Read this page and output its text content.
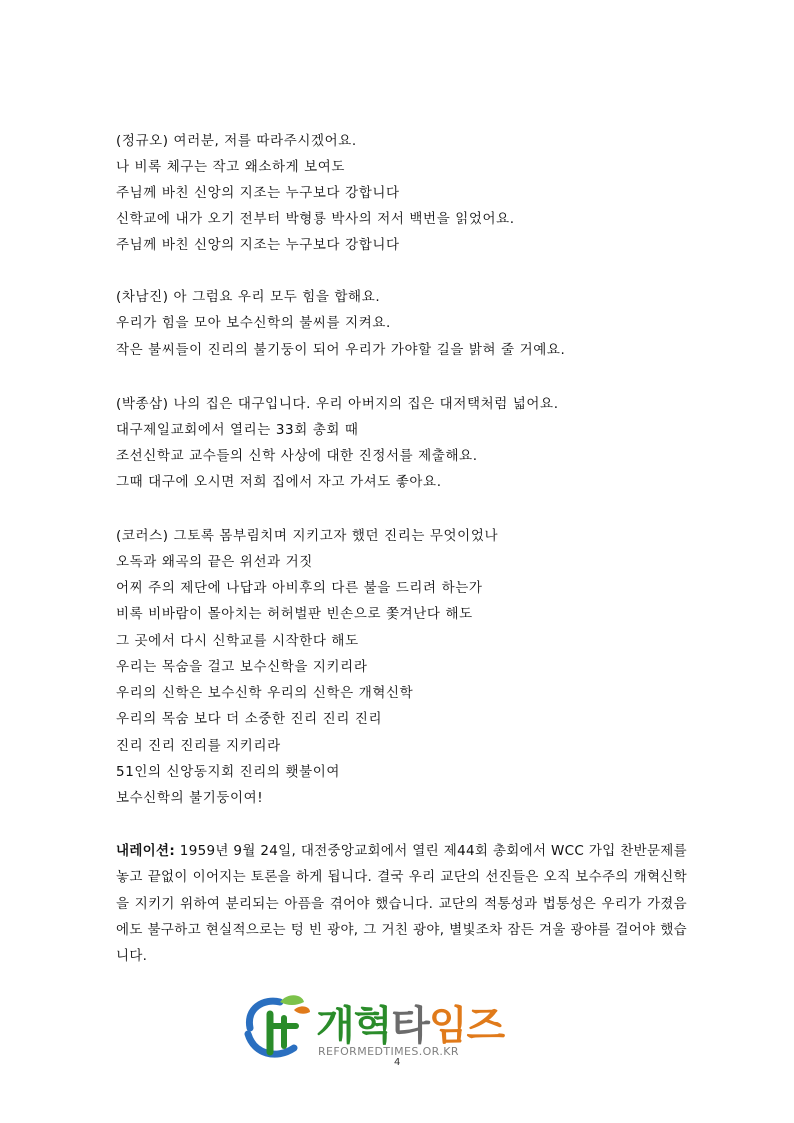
(정규오) 여러분, 저를 따라주시겠어요.
나 비록 체구는 작고 왜소하게 보여도
주님께 바친 신앙의 지조는 누구보다 강합니다
신학교에 내가 오기 전부터 박형룡 박사의 저서 백번을 읽었어요.
주님께 바친 신앙의 지조는 누구보다 강합니다
(차남진) 아 그럼요 우리 모두 힘을 합해요.
우리가 힘을 모아 보수신학의 불씨를 지켜요.
작은 불씨들이 진리의 불기둥이 되어 우리가 가야할 길을 밝혀 줄 거예요.
(박종삼) 나의 집은 대구입니다. 우리 아버지의 집은 대저택처럼 넓어요.
대구제일교회에서 열리는 33회 총회 때
조선신학교 교수들의 신학 사상에 대한 진정서를 제출해요.
그때 대구에 오시면 저희 집에서 자고 가셔도 좋아요.
(코러스) 그토록 몸부림치며 지키고자 했던 진리는 무엇이었나
오독과 왜곡의 끝은 위선과 거짓
어찌 주의 제단에 나답과 아비후의 다른 불을 드리려 하는가
비록 비바람이 몰아치는 허허벌판 빈손으로 쫓겨난다 해도
그 곳에서 다시 신학교를 시작한다 해도
우리는 목숨을 걸고 보수신학을 지키리라
우리의 신학은 보수신학 우리의 신학은 개혁신학
우리의 목숨 보다 더 소중한 진리 진리 진리
진리 진리 진리를 지키리라
51인의 신앙동지회 진리의 횃불이여
보수신학의 불기둥이여!
내레이션: 1959년 9월 24일, 대전중앙교회에서 열린 제44회 총회에서 WCC 가입 찬반문제를 놓고 끝없이 이어지는 토론을 하게 됩니다. 결국 우리 교단의 선진들은 오직 보수주의 개혁신학을 지키기 위하여 분리되는 아픔을 겪어야 했습니다. 교단의 적통성과 법통성은 우리가 가졌음에도 불구하고 현실적으로는 텅 빈 광야, 그 거친 광야, 별빛조차 잠든 겨울 광야를 걸어야 했습니다.
개혁타임즈
REFORMEDTIMES.OR.KR
4
